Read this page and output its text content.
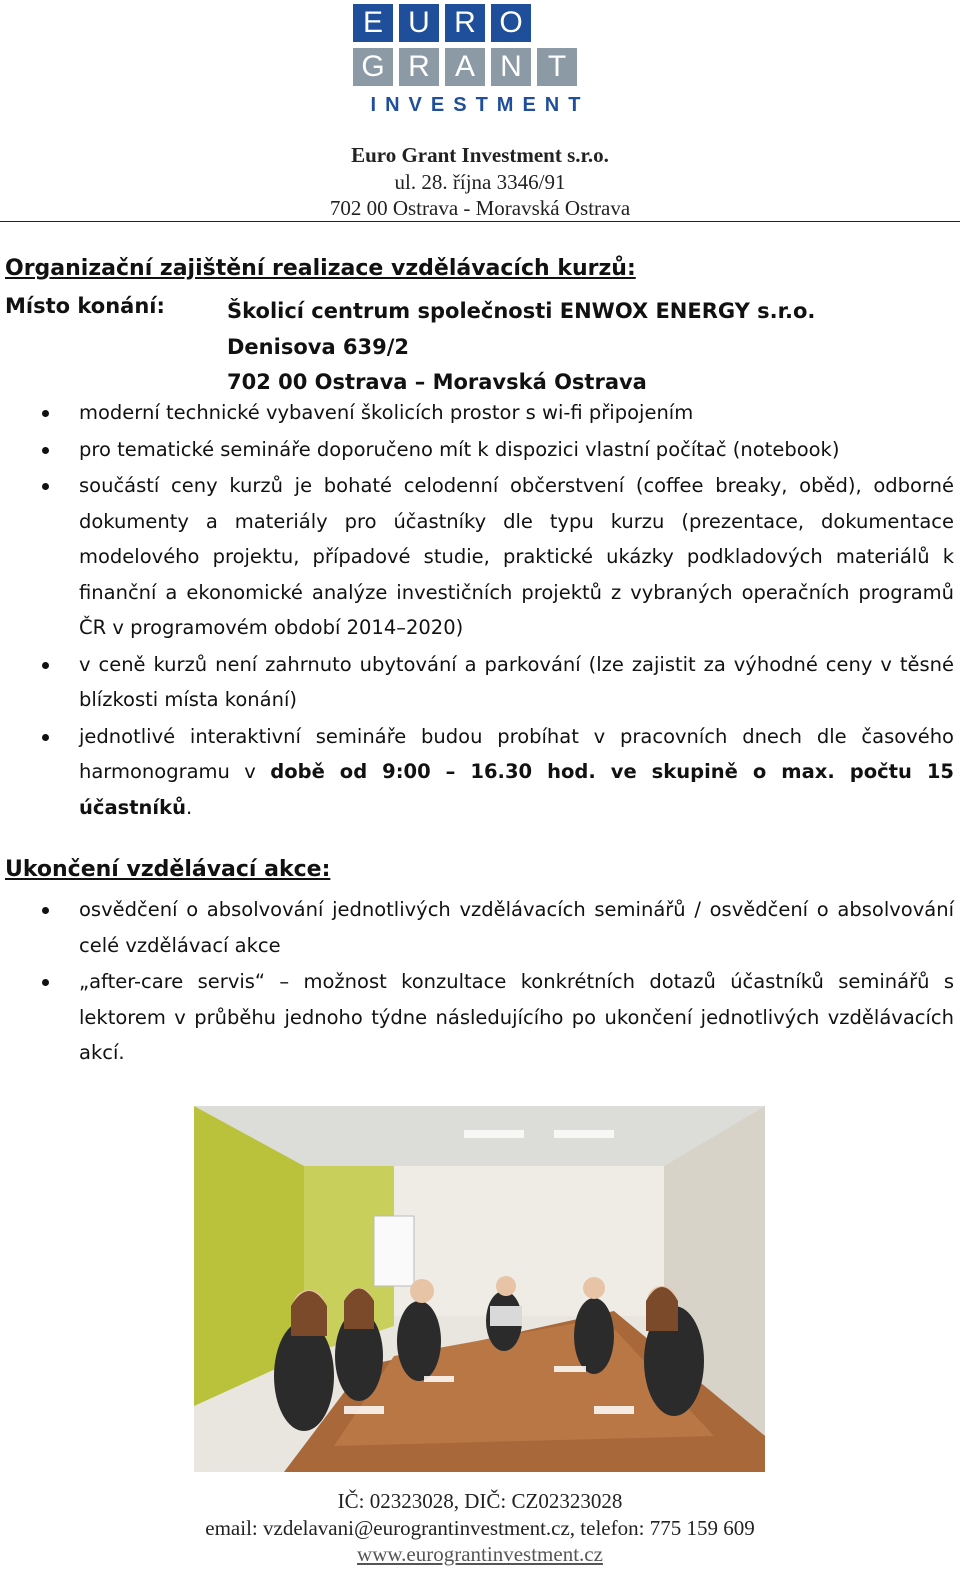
E U R O
G R A N T
INVESTMENT
Euro Grant Investment s.r.o.
ul. 28. října 3346/91
702 00 Ostrava - Moravská Ostrava
Organizační zajištění realizace vzdělávacích kurzů:
Místo konání:	Školicí centrum společnosti ENWOX ENERGY s.r.o.
Denisova 639/2
702 00 Ostrava – Moravská Ostrava
moderní technické vybavení školicích prostor s wi-fi připojením
pro tematické semináře doporučeno mít k dispozici vlastní počítač (notebook)
součástí ceny kurzů je bohaté celodenní občerstvení (coffee breaky, oběd), odborné dokumenty a materiály pro účastníky dle typu kurzu (prezentace, dokumentace modelového projektu, případové studie, praktické ukázky podkladových materiálů k finanční a ekonomické analýze investičních projektů z vybraných operačních programů ČR v programovém období 2014–2020)
v ceně kurzů není zahrnuto ubytování a parkování (lze zajistit za výhodné ceny v těsné blízkosti místa konání)
jednotlivé interaktivní semináře budou probíhat v pracovních dnech dle časového harmonogramu v době od 9:00 – 16.30 hod. ve skupině o max. počtu 15 účastníků.
Ukončení vzdělávací akce:
osvědčení o absolvování jednotlivých vzdělávacích seminářů / osvědčení o absolvování celé vzdělávací akce
„after-care servis“ – možnost konzultace konkrétních dotazů účastníků seminářů s lektorem v průběhu jednoho týdne následujícího po ukončení jednotlivých vzdělávacích akcí.
IČ: 02323028, DIČ: CZ02323028
email: vzdelavani@eurograntinvestment.cz, telefon: 775 159 609
www.eurograntinvestment.cz
